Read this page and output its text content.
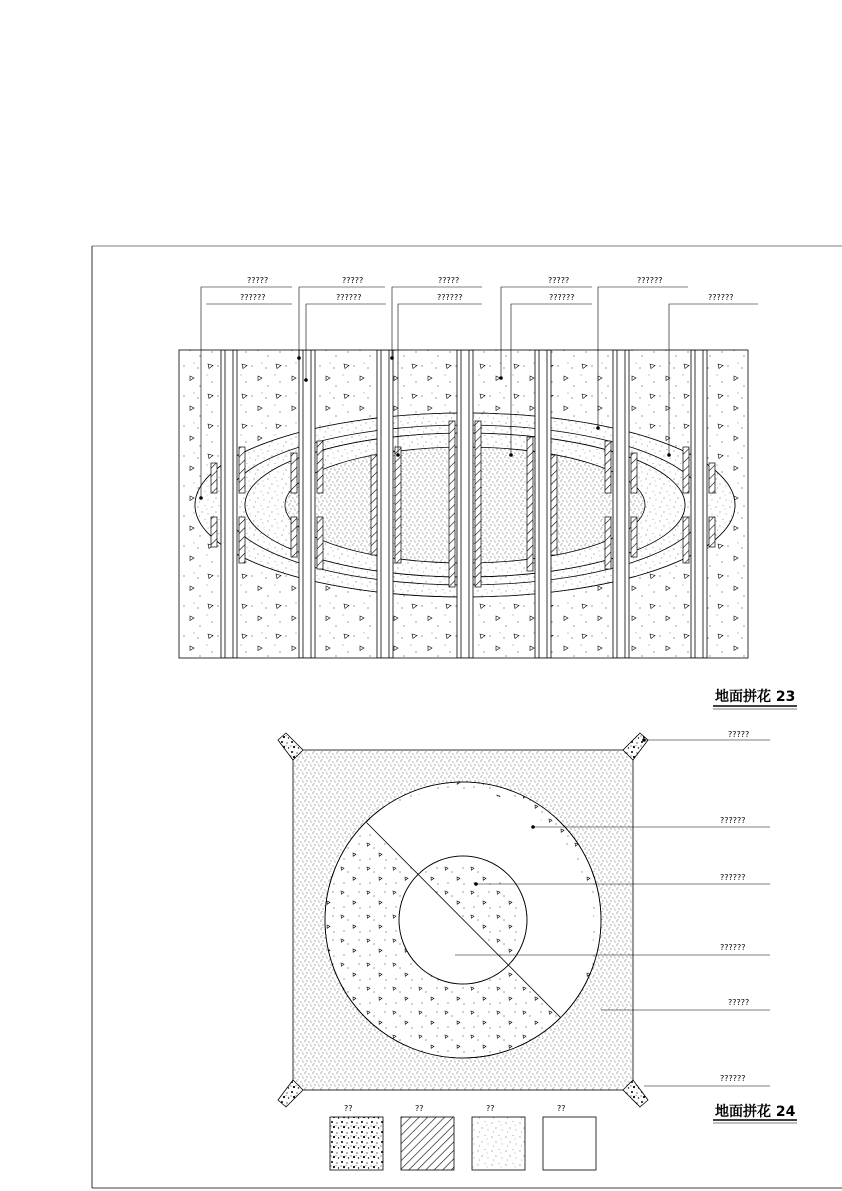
?????	?????	?????	?????	??????
??????	??????	??????	??????	??????
地面拼花 23
?????
??????
??????
??????
?????
??????
地面拼花 24
??	??	??	??
